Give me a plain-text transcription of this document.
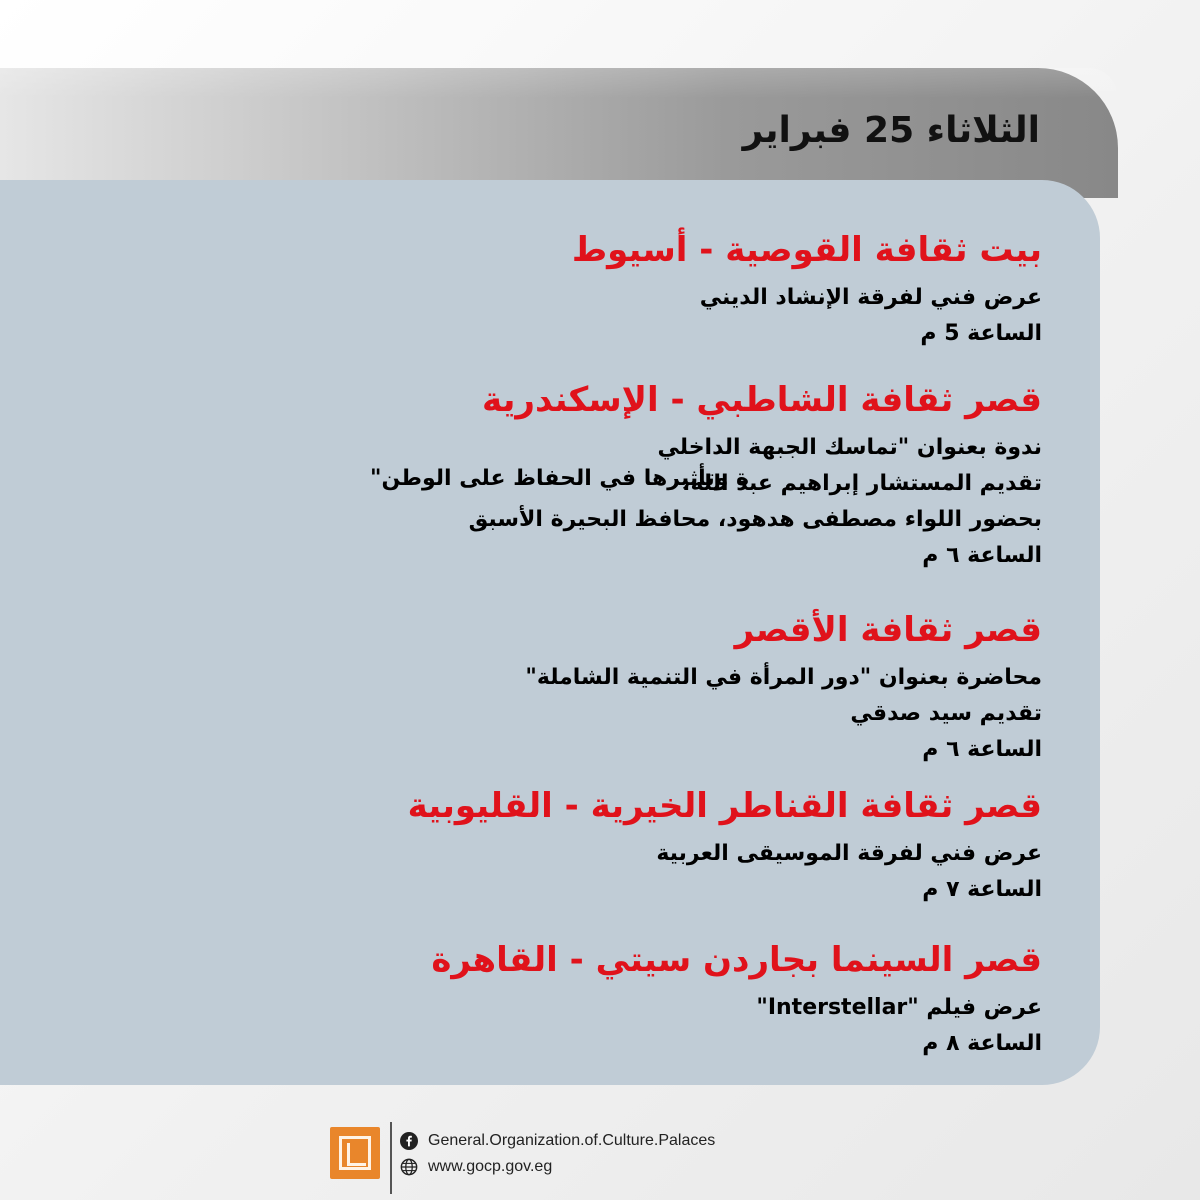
الثلاثاء 25 فبراير
بيت ثقافة القوصية - أسيوط
عرض فني لفرقة الإنشاد الديني
الساعة 5 م
قصر ثقافة الشاطبي - الإسكندرية
ندوة بعنوان "تماسك الجبهة الداخلي
تقديم المستشار إبراهيم عبد الله،
بحضور اللواء مصطفى هدهود، محافظ البحيرة الأسبق
الساعة ٦ م
ة وتأثيرها في الحفاظ على الوطن"
قصر ثقافة الأقصر
محاضرة بعنوان "دور المرأة في التنمية الشاملة"
تقديم سيد صدقي
الساعة ٦ م
قصر ثقافة القناطر الخيرية - القليوبية
عرض فني لفرقة الموسيقى العربية
الساعة ٧ م
قصر السينما بجاردن سيتي - القاهرة
عرض فيلم "Interstellar"
الساعة ٨ م
General.Organization.of.Culture.Palaces
www.gocp.gov.eg
